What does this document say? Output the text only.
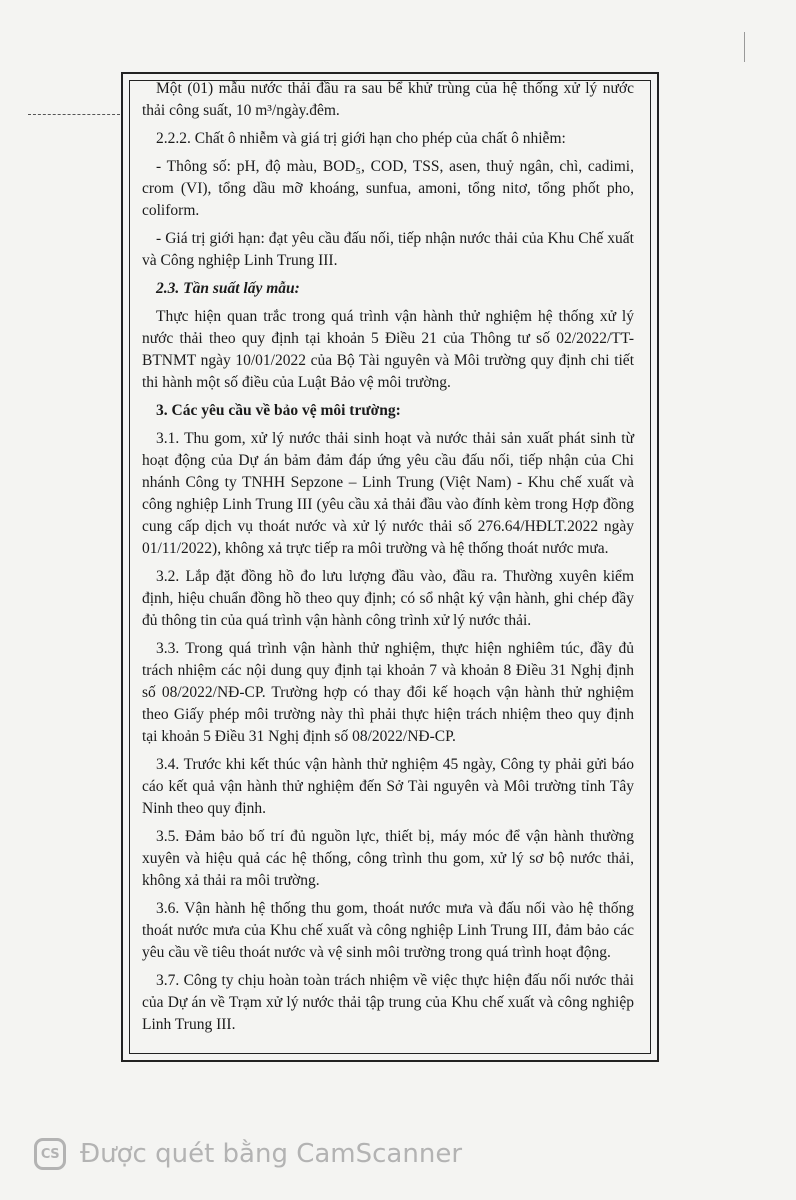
Một (01) mẫu nước thải đầu ra sau bể khử trùng của hệ thống xử lý nước thải công suất, 10 m³/ngày.đêm.

2.2.2. Chất ô nhiễm và giá trị giới hạn cho phép của chất ô nhiễm:

- Thông số: pH, độ màu, BOD₅, COD, TSS, asen, thuỷ ngân, chì, cadimi, crom (VI), tổng dầu mỡ khoáng, sunfua, amoni, tổng nitơ, tổng phốt pho, coliform.

- Giá trị giới hạn: đạt yêu cầu đấu nối, tiếp nhận nước thải của Khu Chế xuất và Công nghiệp Linh Trung III.

2.3. Tần suất lấy mẫu:

Thực hiện quan trắc trong quá trình vận hành thử nghiệm hệ thống xử lý nước thải theo quy định tại khoản 5 Điều 21 của Thông tư số 02/2022/TT-BTNMT ngày 10/01/2022 của Bộ Tài nguyên và Môi trường quy định chi tiết thi hành một số điều của Luật Bảo vệ môi trường.

3. Các yêu cầu về bảo vệ môi trường:

3.1. Thu gom, xử lý nước thải sinh hoạt và nước thải sản xuất phát sinh từ hoạt động của Dự án bảm đảm đáp ứng yêu cầu đấu nối, tiếp nhận của Chi nhánh Công ty TNHH Sepzone – Linh Trung (Việt Nam) - Khu chế xuất và công nghiệp Linh Trung III (yêu cầu xả thải đầu vào đính kèm trong Hợp đồng cung cấp dịch vụ thoát nước và xử lý nước thải số 276.64/HĐLT.2022 ngày 01/11/2022), không xả trực tiếp ra môi trường và hệ thống thoát nước mưa.

3.2. Lắp đặt đồng hồ đo lưu lượng đầu vào, đầu ra. Thường xuyên kiểm định, hiệu chuẩn đồng hồ theo quy định; có sổ nhật ký vận hành, ghi chép đầy đủ thông tin của quá trình vận hành công trình xử lý nước thải.

3.3. Trong quá trình vận hành thử nghiệm, thực hiện nghiêm túc, đầy đủ trách nhiệm các nội dung quy định tại khoản 7 và khoản 8 Điều 31 Nghị định số 08/2022/NĐ-CP. Trường hợp có thay đổi kế hoạch vận hành thử nghiệm theo Giấy phép môi trường này thì phải thực hiện trách nhiệm theo quy định tại khoản 5 Điều 31 Nghị định số 08/2022/NĐ-CP.

3.4. Trước khi kết thúc vận hành thử nghiệm 45 ngày, Công ty phải gửi báo cáo kết quả vận hành thử nghiệm đến Sở Tài nguyên và Môi trường tỉnh Tây Ninh theo quy định.

3.5. Đảm bảo bố trí đủ nguồn lực, thiết bị, máy móc để vận hành thường xuyên và hiệu quả các hệ thống, công trình thu gom, xử lý sơ bộ nước thải, không xả thải ra môi trường.

3.6. Vận hành hệ thống thu gom, thoát nước mưa và đấu nối vào hệ thống thoát nước mưa của Khu chế xuất và công nghiệp Linh Trung III, đảm bảo các yêu cầu về tiêu thoát nước và vệ sinh môi trường trong quá trình hoạt động.

3.7. Công ty chịu hoàn toàn trách nhiệm về việc thực hiện đấu nối nước thải của Dự án về Trạm xử lý nước thải tập trung của Khu chế xuất và công nghiệp Linh Trung III.

CS Được quét bằng CamScanner
